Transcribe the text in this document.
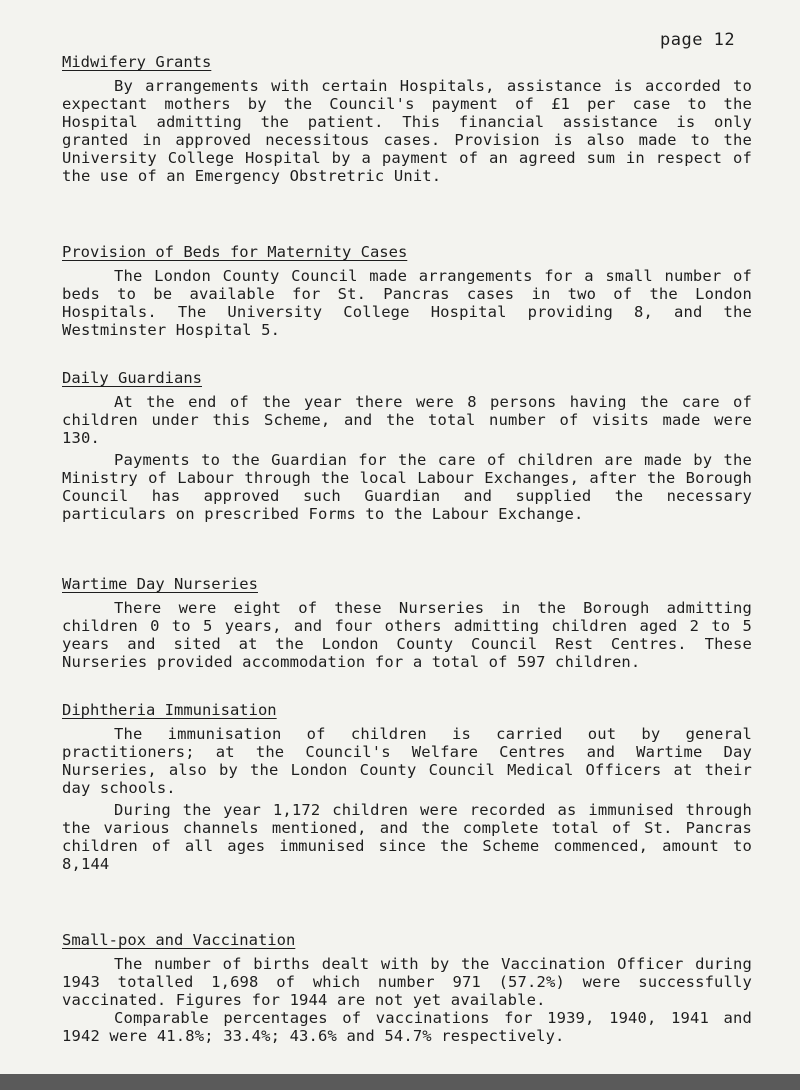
page 12
Midwifery Grants

By arrangements with certain Hospitals, assistance is accorded to expectant mothers by the Council's payment of £1 per case to the Hospital admitting the patient. This financial assistance is only granted in approved necessitous cases. Provision is also made to the University College Hospital by a payment of an agreed sum in respect of the use of an Emergency Obstretric Unit.

Provision of Beds for Maternity Cases

The London County Council made arrangements for a small number of beds to be available for St. Pancras cases in two of the London Hospitals. The University College Hospital providing 8, and the Westminster Hospital 5.

Daily Guardians

At the end of the year there were 8 persons having the care of children under this Scheme, and the total number of visits made were 130.

Payments to the Guardian for the care of children are made by the Ministry of Labour through the local Labour Exchanges, after the Borough Council has approved such Guardian and supplied the necessary particulars on prescribed Forms to the Labour Exchange.

Wartime Day Nurseries

There were eight of these Nurseries in the Borough admitting children 0 to 5 years, and four others admitting children aged 2 to 5 years and sited at the London County Council Rest Centres. These Nurseries provided accommodation for a total of 597 children.

Diphtheria Immunisation

The immunisation of children is carried out by general practitioners; at the Council's Welfare Centres and Wartime Day Nurseries, also by the London County Council Medical Officers at their day schools.

During the year 1,172 children were recorded as immunised through the various channels mentioned, and the complete total of St. Pancras children of all ages immunised since the Scheme commenced, amount to 8,144

Small-pox and Vaccination

The number of births dealt with by the Vaccination Officer during 1943 totalled 1,698 of which number 971 (57.2%) were successfully vaccinated. Figures for 1944 are not yet available.

Comparable percentages of vaccinations for 1939, 1940, 1941 and 1942 were 41.8%; 33.4%; 43.6% and 54.7% respectively.
